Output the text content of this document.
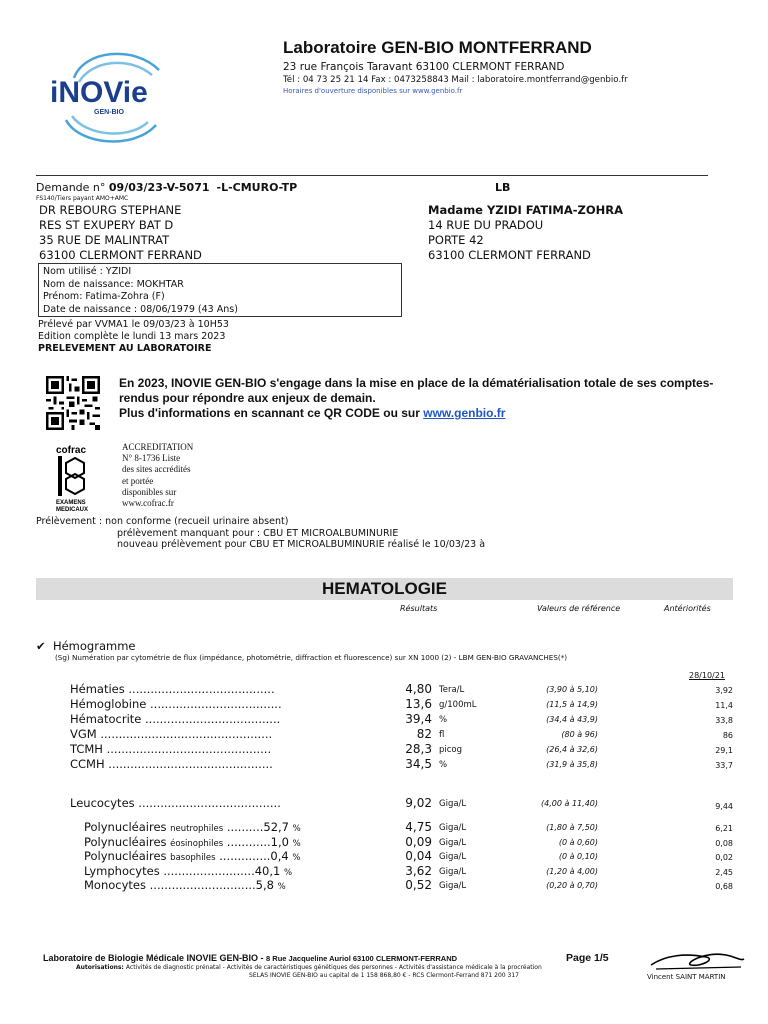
iNOVie
GEN-BIO
Laboratoire GEN-BIO MONTFERRAND
23 rue François Taravant 63100 CLERMONT FERRAND
Tél : 04 73 25 21 14 Fax : 0473258843 Mail : laboratoire.montferrand@genbio.fr
Horaires d'ouverture disponibles sur www.genbio.fr
Demande n° 09/03/23-V-5071 -L-CMURO-TP	LB
FS140/Tiers payant AMO+AMC
DR REBOURG STEPHANE
RES ST EXUPERY BAT D
35 RUE DE MALINTRAT
63100 CLERMONT FERRAND
Madame YZIDI FATIMA-ZOHRA
14 RUE DU PRADOU
PORTE 42
63100 CLERMONT FERRAND
Nom utilisé : YZIDI
Nom de naissance: MOKHTAR
Prénom: Fatima-Zohra (F)
Date de naissance : 08/06/1979 (43 Ans)
Prélevé par VVMA1 le 09/03/23 à 10H53
Edition complète le lundi 13 mars 2023
PRELEVEMENT AU LABORATOIRE
En 2023, INOVIE GEN-BIO s'engage dans la mise en place de la dématérialisation totale de ses comptes-rendus pour répondre aux enjeux de demain.
Plus d'informations en scannant ce QR CODE ou sur www.genbio.fr
cofrac
EXAMENS
MEDICAUX
ACCREDITATION
N° 8-1736 Liste
des sites accrédités
et portée
disponibles sur
www.cofrac.fr
Prélèvement : non conforme (recueil urinaire absent)
prélèvement manquant pour : CBU ET MICROALBUMINURIE
nouveau prélèvement pour CBU ET MICROALBUMINURIE réalisé le 10/03/23 à
HEMATOLOGIE
Résultats	Valeurs de référence	Antériorités
✔ Hémogramme
(Sg) Numération par cytométrie de flux (impédance, photométrie, diffraction et fluorescence) sur XN 1000 (2) - LBM GEN-BIO GRAVANCHES(*)
28/10/21
Hématies ........................................	4,80 Tera/L	(3,90 à 5,10)	3,92
Hémoglobine ....................................	13,6 g/100mL	(11,5 à 14,9)	11,4
Hématocrite .....................................	39,4 %	(34,4 à 43,9)	33,8
VGM ...............................................	82 fl	(80 à 96)	86
TCMH .............................................	28,3 picog	(26,4 à 32,6)	29,1
CCMH .............................................	34,5 %	(31,9 à 35,8)	33,7
Leucocytes .......................................	9,02 Giga/L	(4,00 à 11,40)	9,44
Polynucléaires neutrophiles ..........52,7 %	4,75 Giga/L	(1,80 à 7,50)	6,21
Polynucléaires éosinophiles ............1,0 %	0,09 Giga/L	(0 à 0,60)	0,08
Polynucléaires basophiles ..............0,4 %	0,04 Giga/L	(0 à 0,10)	0,02
Lymphocytes .........................40,1 %	3,62 Giga/L	(1,20 à 4,00)	2,45
Monocytes .............................5,8 %	0,52 Giga/L	(0,20 à 0,70)	0,68
Laboratoire de Biologie Médicale INOVIE GEN-BIO - 8 Rue Jacqueline Auriol 63100 CLERMONT-FERRAND	Page 1/5
Autorisations: Activités de diagnostic prénatal - Activités de caractéristiques génétiques des personnes - Activités d'assistance médicale à la procréation
SELAS INOVIE GEN-BIO au capital de 1 158 868,80 € - RCS Clermont-Ferrand 871 200 317	Vincent SAINT MARTIN
